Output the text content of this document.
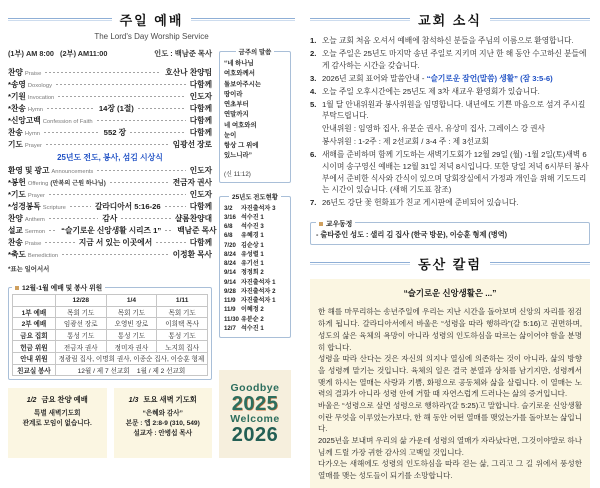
주일 예배
The Lord's Day Worship Service
(1부) AM 8:00   (2부) AM11:00	인도 : 백남준 목사
찬양 Praise	호산나 찬양팀
*송영 Doxology	다함께
*기원 Invocation	인도자
*찬송 Hymn	14장 (1절)	다함께
*신앙고백 Confession of Faith	다함께
찬송 Hymn	552 장	다함께
기도 Prayer	임광선 장로
25년도 전도, 봉사, 섬김 시상식
환영 및 광고 Announcements	인도자
*봉헌 Offering (만복의 근원 하나님)	전금자 권사
*기도 Prayer	인도자
*성경봉독 Scripture	갈라디아서 5:16-26	다함께
찬양 Anthem	감사	샬롬찬양대
설교 Sermon “슬기로운 신앙생활 시리즈 1” 백남준 목사
찬송 Praise	지금 서 있는 이곳에서	다함께
*축도 Benediction	이정환 목사
*표는 일어서서
12월-1월 예배 및 봉사 위원
	12/28	1/4	1/11
1부 예배	목회 기도	목회 기도	목회 기도
2부 예배	임광선 장로	오영빈 장로	이희택 목사
금요 집회	통성 기도	통성 기도	통성 기도
헌금 위원	전금자 권사	정미자 권사	노지희 집사
안내 위원	정광림 집사, 이명희 권사, 이종순 집사, 이승훈 형제		
친교실 봉사	12월 / 제 7 선교회    1월 / 제 2 선교회		
1/2 금요 찬양 예배
특별 새벽기도회
관계로 모임이 없습니다.
1/3 토요 새벽 기도회
“은혜와 감사”
본문 : 엡 2:8-9 (310, 549)
설교자 : 안병섭 목사
금주의 말씀
“네 하나님
여호와께서
돌보아주시는
땅이라
연초부터
연말까지
네 여호와의
눈이
항상 그 위에
있느니라”
(신 11:12)
25년도 전도현황
3/2	자진출석자 3
3/16 석수진 1
6/8	석수진 3
6/8	유혜경 1
7/20 김순상 1
8/24 유성렬 1
8/24 유기선 1
9/14 정정희 2
9/14 자진출석자 1
9/28 자진출석자 2
11/9 자진출석자 1
11/9 이혜정 2
11/30 유분순 2
12/7 석수진 1
Goodbye
2025
Welcome
2026
교회 소식
1. 오늘 교회 처음 오셔서 예배에 참석하신 분들을 주님의 이름으로 환영합니다.
2. 오늘 주일은 25년도 마지막 송년 주일로 지키며 지난 한 해 동안 수고하신 분들에게 감사하는 시간을 갖습니다.
3. 2026년 교회 표어와 말씀안내 - “슬기로운 잠언(말씀) 생활” (잠 3:5-6)
4. 오늘 주일 오후시간에는 25년도 제 3차 새교우 환영회가 있습니다.
5. 1월 달 안내위원과 봉사위원을 임명합니다. 내년에도 기쁜 마음으로 섬겨 주시길 부탁드립니다.
안내위원 : 임영하 집사, 유분순 권사, 유상미 집사, 그레이스 강 권사
봉사위원 : 1-2주 : 제 2선교회 / 3-4 주 : 제 3선교회
6. 새해를 준비하며 함께 기도하는 새벽기도회가 12월 29일 (월) -1월 2일(토)새벽 6시이며 송구영신 예배는 12월 31일 저녁 8시입니다. 또한 당일 저녁 6시부터 봉사부에서 준비한 식사와 간식이 있으며 당회장실에서 가정과 개인을 위해 기도드리는 시간이 있습니다. (새해 기도표 참조)
7. 26년도 강단 꽃 헌화표가 친교 게시판에 준비되어 있습니다.
교우동정
- 출타중인 성도 : 샐리 김 집사 (한국 방문), 이승훈 형제 (병역)
동산 칼럼
“슬기로운 신앙생활은 ...”

한 해를 마무리하는 송년주일에 우리는 지난 시간을 돌아보며 신앙의 자리를 점검하게 됩니다. 갈라디아서에서 바울은 “성령을 따라 행하라”(갈 5:16)고 권면하며, 성도의 삶은 육체의 욕망이 아니라 성령의 인도하심을 따르는 삶이어야 함을 분명히 합니다.

성령을 따라 산다는 것은 자신의 의지나 열심에 의존하는 것이 아니라, 삶의 방향을 성령께 맡기는 것입니다. 육체의 일은 결국 분열과 상처를 남기지만, 성령께서 맺게 하시는 열매는 사랑과 기쁨, 화평으로 공동체와 삶을 살립니다. 이 열매는 노력의 결과가 아니라 성령 안에 거할 때 자연스럽게 드러나는 삶의 증거입니다.

바울은 “성령으로 살면 성령으로 행하라”(갈 5:25)고 말합니다. 슬기로운 신앙생활이란 무엇을 이루었는가보다, 한 해 동안 어떤 열매를 맺었는가를 돌아보는 삶입니다.

2025년을 보내며 우리의 삶 가운데 성령의 열매가 자라났다면, 그것이야말로 하나님께 드릴 가장 귀한 감사의 고백일 것입니다.

다가오는 새해에도 성령의 인도하심을 따라 걷는 삶, 그리고 그 길 위에서 풍성한 열매를 맺는 성도들이 되기를 소망합니다.
